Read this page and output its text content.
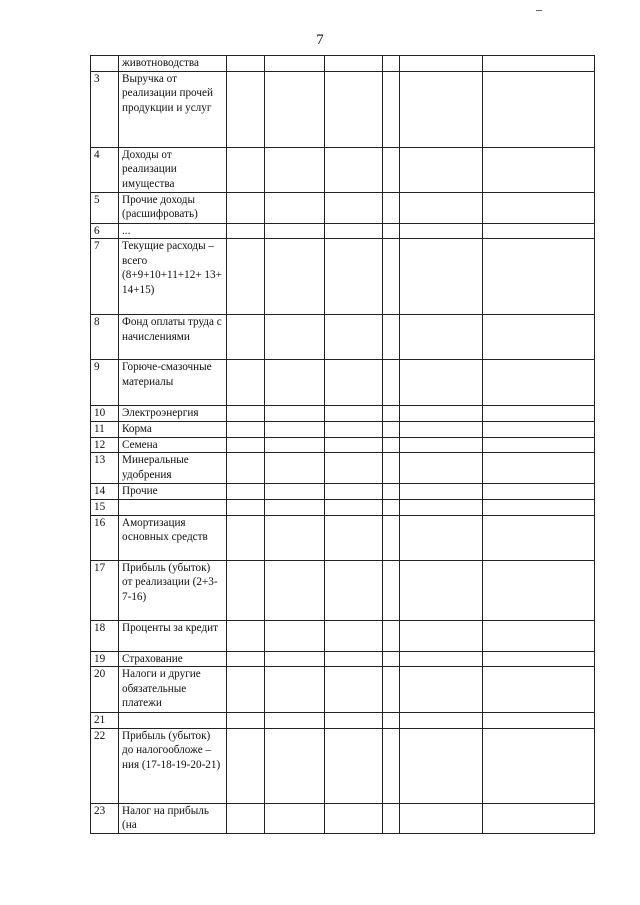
7
	животноводства						
3	Выручка от реализации прочей продукции и услуг						
4	Доходы от реализации имущества						
5	Прочие доходы (расшифровать)						
6	...						
7	Текущие расходы – всего (8+9+10+11+12+ 13+ 14+15)						
8	Фонд оплаты труда с начислениями						
9	Горюче-смазочные материалы						
10	Электроэнергия						
11	Корма						
12	Семена						
13	Минеральные удобрения						
14	Прочие						
15							
16	Амортизация основных средств						
17	Прибыль (убыток) от реализации (2+3-7-16)						
18	Проценты за кредит						
19	Страхование						
20	Налоги и другие обязательные платежи						
21							
22	Прибыль (убыток) до налогообложе – ния (17-18-19-20-21)						
23	Налог на прибыль (на						
